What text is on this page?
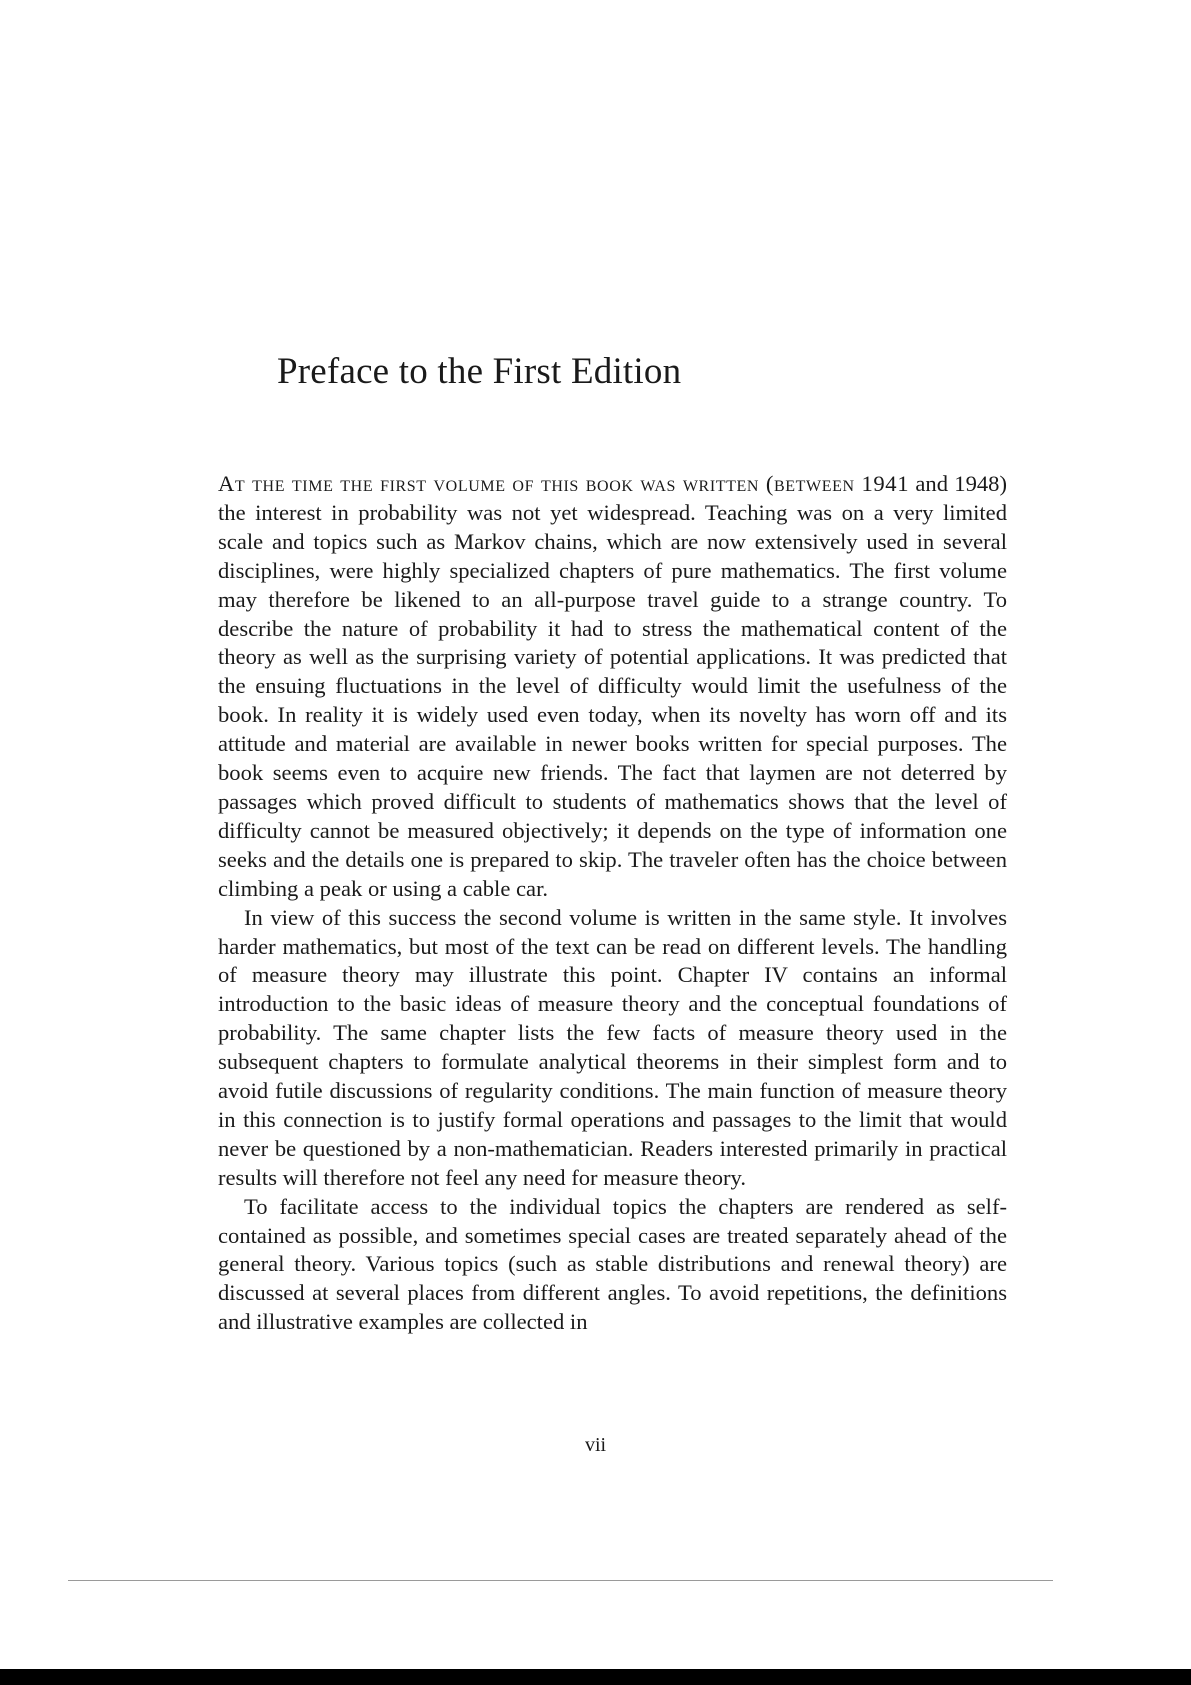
Preface to the First Edition

At the time the first volume of this book was written (between 1941 and 1948) the interest in probability was not yet widespread. Teaching was on a very limited scale and topics such as Markov chains, which are now extensively used in several disciplines, were highly specialized chapters of pure mathematics. The first volume may therefore be likened to an all-purpose travel guide to a strange country. To describe the nature of probability it had to stress the mathematical content of the theory as well as the surprising variety of potential applications. It was predicted that the ensuing fluctuations in the level of difficulty would limit the usefulness of the book. In reality it is widely used even today, when its novelty has worn off and its attitude and material are available in newer books written for special purposes. The book seems even to acquire new friends. The fact that laymen are not deterred by passages which proved difficult to students of mathematics shows that the level of difficulty cannot be measured objectively; it depends on the type of information one seeks and the details one is prepared to skip. The traveler often has the choice between climbing a peak or using a cable car.

In view of this success the second volume is written in the same style. It involves harder mathematics, but most of the text can be read on different levels. The handling of measure theory may illustrate this point. Chapter IV contains an informal introduction to the basic ideas of measure theory and the conceptual foundations of probability. The same chapter lists the few facts of measure theory used in the subsequent chapters to formulate analytical theorems in their simplest form and to avoid futile discussions of regularity conditions. The main function of measure theory in this connection is to justify formal operations and passages to the limit that would never be questioned by a non-mathematician. Readers interested primarily in practical results will therefore not feel any need for measure theory.

To facilitate access to the individual topics the chapters are rendered as self-contained as possible, and sometimes special cases are treated separately ahead of the general theory. Various topics (such as stable distributions and renewal theory) are discussed at several places from different angles. To avoid repetitions, the definitions and illustrative examples are collected in

vii
